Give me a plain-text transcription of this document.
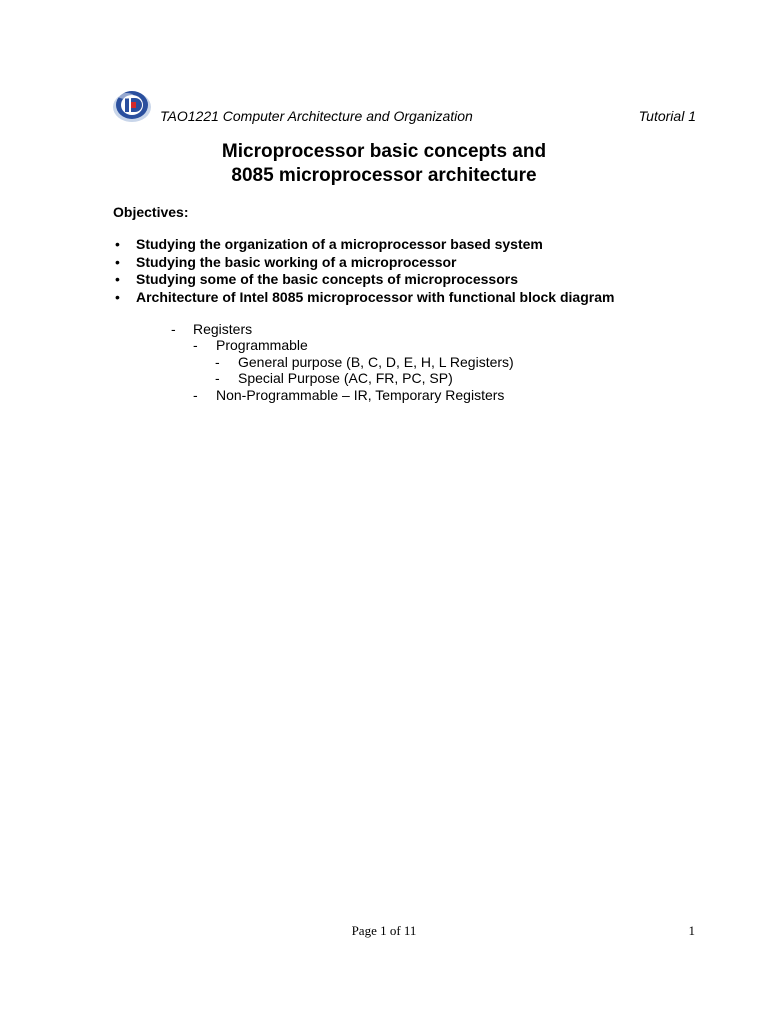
TAO1221 Computer Architecture and Organization	Tutorial 1
Microprocessor basic concepts and
8085 microprocessor architecture
Objectives:
• Studying the organization of a microprocessor based system
• Studying the basic working of a microprocessor
• Studying some of the basic concepts of microprocessors
• Architecture of Intel 8085 microprocessor with functional block diagram
- Registers
- Programmable
- General purpose (B, C, D, E, H, L Registers)
- Special Purpose (AC, FR, PC, SP)
- Non-Programmable – IR, Temporary Registers
Page 1 of 11	1
